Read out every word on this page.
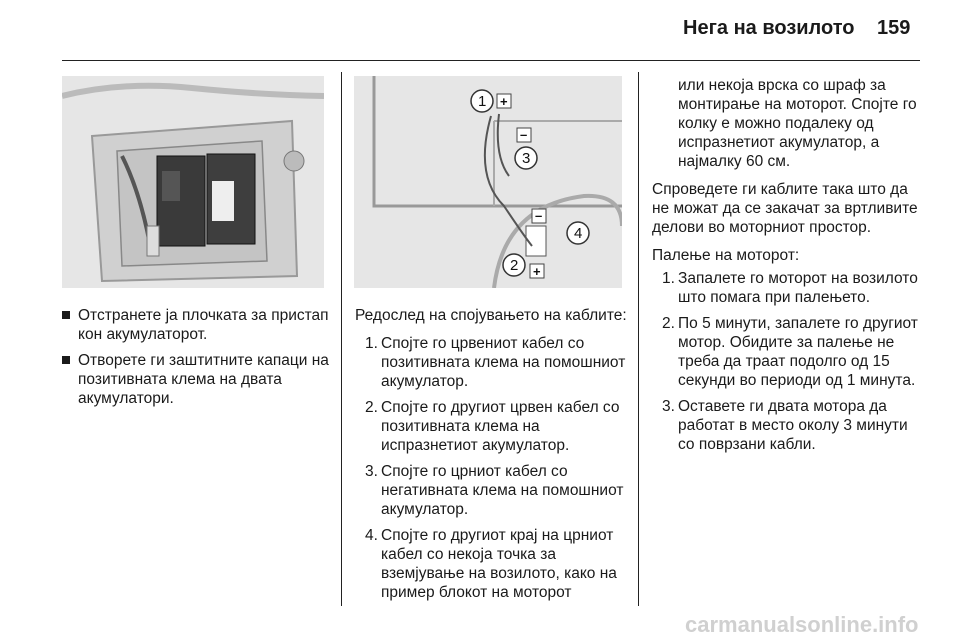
Нега на возилото 159
1
2
3
4
+
–
–
+
Отстранете ја плочката за пристап кон акумулаторот.
Отворете ги заштитните капаци на позитивната клема на двата акумулатори.

Редослед на спојувањето на каблите:

1. Спојте го црвениот кабел со позитивната клема на помошниот акумулатор.
2. Спојте го другиот црвен кабел со позитивната клема на испразнетиот акумулатор.
3. Спојте го црниот кабел со негативната клема на помошниот акумулатор.
4. Спојте го другиот крај на црниот кабел со некоја точка за вземјување на возилото, како на пример блокот на моторот

или некоја врска со шраф за монтирање на моторот. Спојте го колку е можно подалеку од испразнетиот акумулатор, а најмалку 60 см.

Спроведете ги каблите така што да не можат да се закачат за вртливите делови во моторниот простор.

Палење на моторот:

1. Запалете го моторот на возилото што помага при палењето.
2. По 5 минути, запалете го другиот мотор. Обидите за палење не треба да траат подолго од 15 секунди во периоди од 1 минута.
3. Оставете ги двата мотора да работат в место околу 3 минути со поврзани кабли.
carmanualsonline.info
